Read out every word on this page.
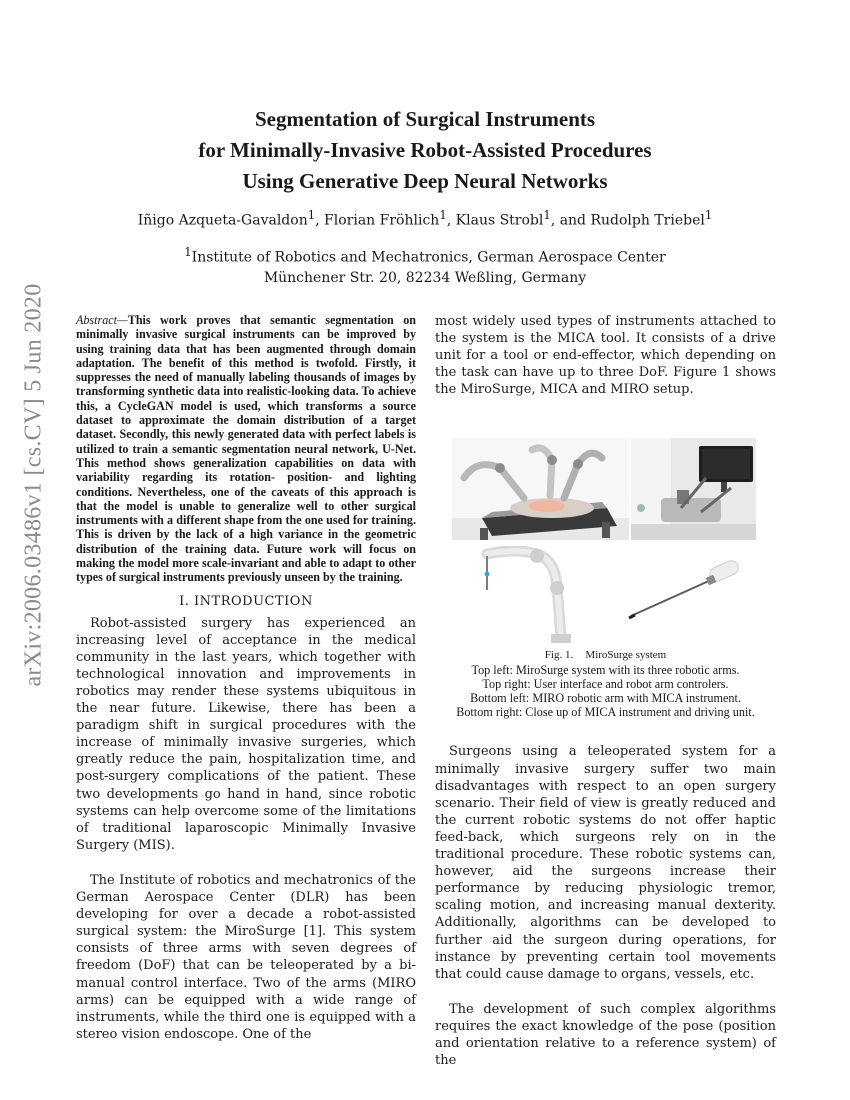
arXiv:2006.03486v1 [cs.CV] 5 Jun 2020
Segmentation of Surgical Instruments
for Minimally-Invasive Robot-Assisted Procedures
Using Generative Deep Neural Networks
Iñigo Azqueta-Gavaldon$^1$, Florian Fröhlich$^1$, Klaus Strobl$^1$, and Rudolph Triebel$^1$
$^1$Institute of Robotics and Mechatronics, German Aerospace Center
Münchener Str. 20, 82234 Weßling, Germany

Abstract—This work proves that semantic segmentation on minimally invasive surgical instruments can be improved by using training data that has been augmented through domain adaptation. The benefit of this method is twofold. Firstly, it suppresses the need of manually labeling thousands of images by transforming synthetic data into realistic-looking data. To achieve this, a CycleGAN model is used, which transforms a source dataset to approximate the domain distribution of a target dataset. Secondly, this newly generated data with perfect labels is utilized to train a semantic segmentation neural network, U-Net. This method shows generalization capabilities on data with variability regarding its rotation- position- and lighting conditions. Nevertheless, one of the caveats of this approach is that the model is unable to generalize well to other surgical instruments with a different shape from the one used for training. This is driven by the lack of a high variance in the geometric distribution of the training data. Future work will focus on making the model more scale-invariant and able to adapt to other types of surgical instruments previously unseen by the training.

I. INTRODUCTION

Robot-assisted surgery has experienced an increasing level of acceptance in the medical community in the last years, which together with technological innovation and improvements in robotics may render these systems ubiquitous in the near future. Likewise, there has been a paradigm shift in surgical procedures with the increase of minimally invasive surgeries, which greatly reduce the pain, hospitalization time, and post-surgery complications of the patient. These two developments go hand in hand, since robotic systems can help overcome some of the limitations of traditional laparoscopic Minimally Invasive Surgery (MIS).

The Institute of robotics and mechatronics of the German Aerospace Center (DLR) has been developing for over a decade a robot-assisted surgical system: the MiroSurge [1]. This system consists of three arms with seven degrees of freedom (DoF) that can be teleoperated by a bi-manual control interface. Two of the arms (MIRO arms) can be equipped with a wide range of instruments, while the third one is equipped with a stereo vision endoscope. One of the

most widely used types of instruments attached to the system is the MICA tool. It consists of a drive unit for a tool or end-effector, which depending on the task can have up to three DoF. Figure 1 shows the MiroSurge, MICA and MIRO setup.

Fig. 1. MiroSurge system
Top left: MiroSurge system with its three robotic arms.
Top right: User interface and robot arm controlers.
Bottom left: MIRO robotic arm with MICA instrument.
Bottom right: Close up of MICA instrument and driving unit.

Surgeons using a teleoperated system for a minimally invasive surgery suffer two main disadvantages with respect to an open surgery scenario. Their field of view is greatly reduced and the current robotic systems do not offer haptic feed-back, which surgeons rely on in the traditional procedure. These robotic systems can, however, aid the surgeons increase their performance by reducing physiologic tremor, scaling motion, and increasing manual dexterity. Additionally, algorithms can be developed to further aid the surgeon during operations, for instance by preventing certain tool movements that could cause damage to organs, vessels, etc.

The development of such complex algorithms requires the exact knowledge of the pose (position and orientation relative to a reference system) of the
